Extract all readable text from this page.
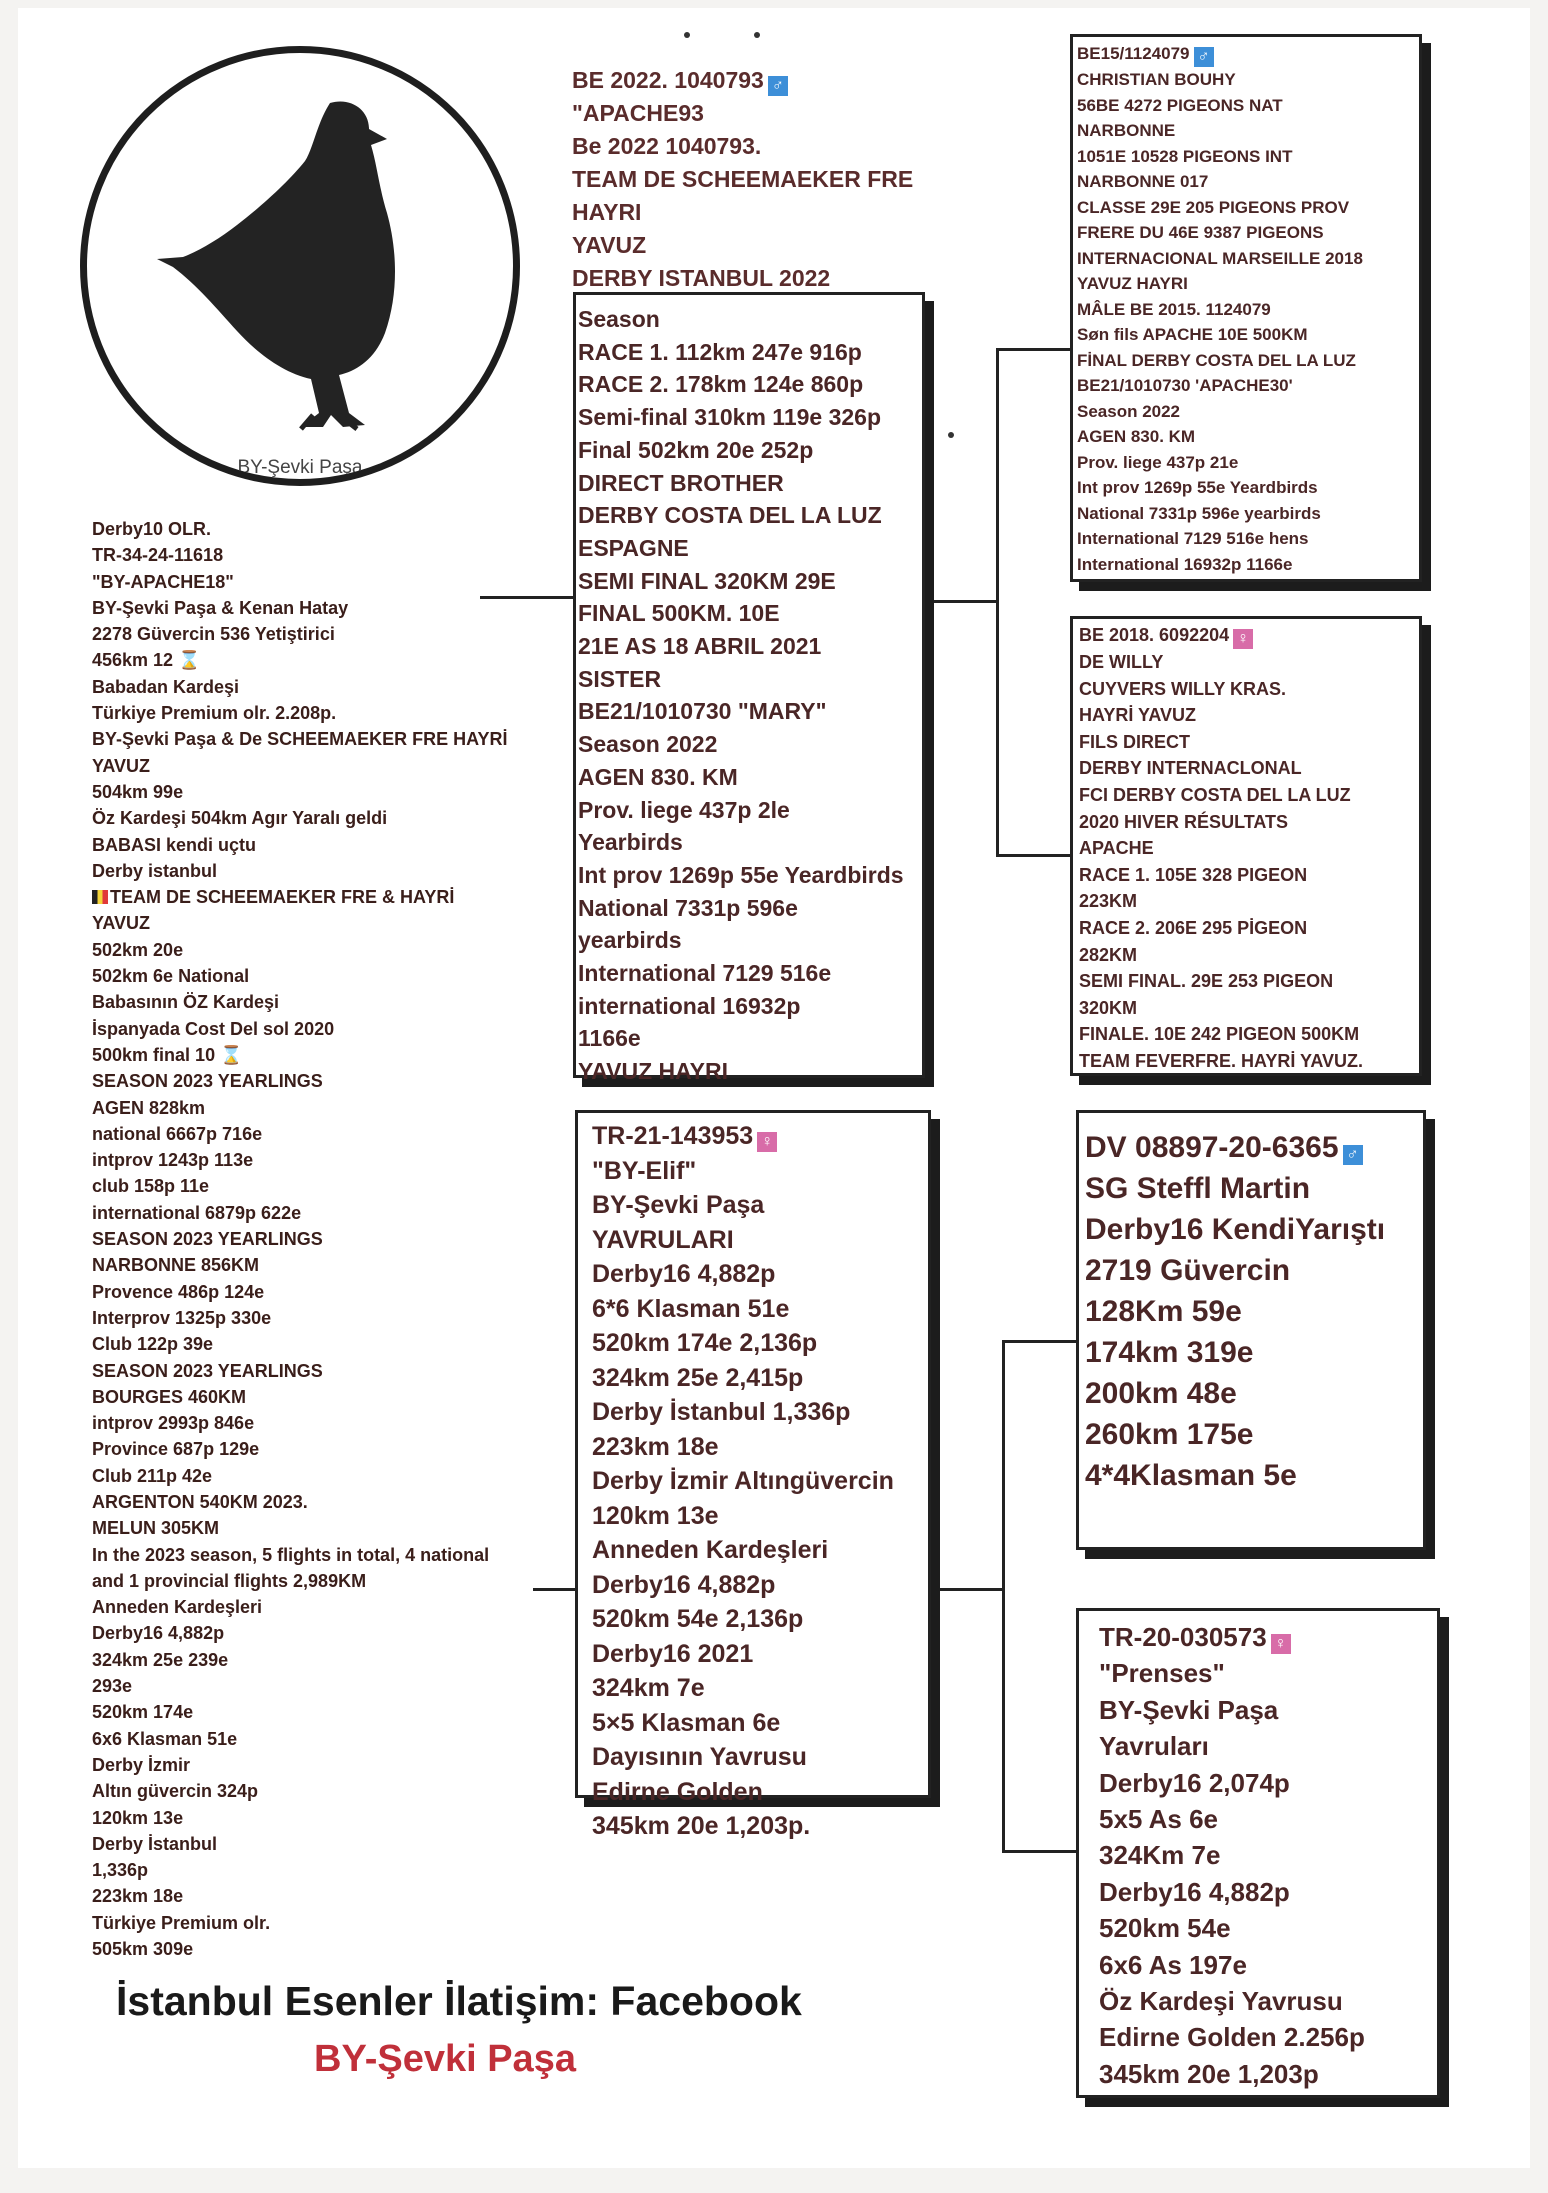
BY-Şevki Paşa
Derby10 OLR.
TR-34-24-11618
"BY-APACHE18"
BY-Şevki Paşa & Kenan Hatay
2278 Güvercin 536 Yetiştirici
456km 12 ⌛
Babadan Kardeşi
Türkiye Premium olr. 2.208p.
BY-Şevki Paşa & De SCHEEMAEKER FRE HAYRİ
YAVUZ
504km 99e
Öz Kardeşi 504km Agır Yaralı geldi
BABASI kendi uçtu
Derby istanbul
TEAM DE SCHEEMAEKER FRE & HAYRİ
YAVUZ
502km 20e
502km 6e National
Babasının ÖZ Kardeşi
İspanyada Cost Del sol 2020
500km final 10 ⌛
SEASON 2023 YEARLINGS
AGEN 828km
national 6667p 716e
intprov 1243p 113e
club 158p 11e
international 6879p 622e
SEASON 2023 YEARLINGS
NARBONNE 856KM
Provence 486p 124e
Interprov 1325p 330e
Club 122p 39e
SEASON 2023 YEARLINGS
BOURGES 460KM
intprov 2993p 846e
Province 687p 129e
Club 211p 42e
ARGENTON 540KM 2023.
MELUN 305KM
In the 2023 season, 5 flights in total, 4 national
and 1 provincial flights 2,989KM
Anneden Kardeşleri
Derby16 4,882p
324km 25e 239e
293e
520km 174e
6x6 Klasman 51e
Derby İzmir
Altın güvercin 324p
120km 13e
Derby İstanbul
1,336p
223km 18e
Türkiye Premium olr.
505km 309e
BE 2022. 1040793 ♂
"APACHE93
Be 2022 1040793.
TEAM DE SCHEEMAEKER FRE
HAYRI
YAVUZ
DERBY ISTANBUL 2022
Season
RACE 1. 112km 247e 916p
RACE 2. 178km 124e 860p
Semi-final 310km 119e 326p
Final 502km 20e 252p
DIRECT BROTHER
DERBY COSTA DEL LA LUZ
ESPAGNE
SEMI FINAL 320KM 29E
FINAL 500KM. 10E
21E AS 18 ABRIL 2021
SISTER
BE21/1010730 "MARY"
Season 2022
AGEN 830. KM
Prov. liege 437p 2le
Yearbirds
Int prov 1269p 55e Yeardbirds
National 7331p 596e
yearbirds
International 7129 516e
international 16932p
1166e
YAVUZ HAYRI
BE15/1124079 ♂
CHRISTIAN BOUHY
56BE 4272 PIGEONS NAT
NARBONNE
1051E 10528 PIGEONS INT
NARBONNE 017
CLASSE 29E 205 PIGEONS PROV
FRERE DU 46E 9387 PIGEONS
INTERNACIONAL MARSEILLE 2018
YAVUZ HAYRI
MÂLE BE 2015. 1124079
Søn fils APACHE 10E 500KM
FİNAL DERBY COSTA DEL LA LUZ
BE21/1010730 'APACHE30'
Season 2022
AGEN 830. KM
Prov. liege 437p 21e
Int prov 1269p 55e Yeardbirds
National 7331p 596e yearbirds
International 7129 516e hens
International 16932p 1166e
BE 2018. 6092204 ♀
DE WILLY
CUYVERS WILLY KRAS.
HAYRİ YAVUZ
FILS DIRECT
DERBY INTERNACLONAL
FCI DERBY COSTA DEL LA LUZ
2020 HIVER RÉSULTATS
APACHE
RACE 1. 105E 328 PIGEON
223KM
RACE 2. 206E 295 PİGEON
282KM
SEMI FINAL. 29E 253 PIGEON
320KM
FINALE. 10E 242 PIGEON 500KM
TEAM FEVERFRE. HAYRİ YAVUZ.
TR-21-143953 ♀
"BY-Elif"
BY-Şevki Paşa
YAVRULARI
Derby16 4,882p
6*6 Klasman 51e
520km 174e 2,136p
324km 25e 2,415p
Derby İstanbul 1,336p
223km 18e
Derby İzmir Altıngüvercin
120km 13e
Anneden Kardeşleri
Derby16 4,882p
520km 54e 2,136p
Derby16 2021
324km 7e
5×5 Klasman 6e
Dayısının Yavrusu
Edirne Golden
345km 20e 1,203p.
DV 08897-20-6365 ♂
SG Steffl Martin
Derby16 KendiYarıştı
2719 Güvercin
128Km 59e
174km 319e
200km 48e
260km 175e
4*4Klasman 5e
TR-20-030573 ♀
"Prenses"
BY-Şevki Paşa
Yavruları
Derby16 2,074p
5x5 As 6e
324Km 7e
Derby16 4,882p
520km 54e
6x6 As 197e
Öz Kardeşi Yavrusu
Edirne Golden 2.256p
345km 20e 1,203p
İstanbul Esenler İlatişim: Facebook
BY-Şevki Paşa
